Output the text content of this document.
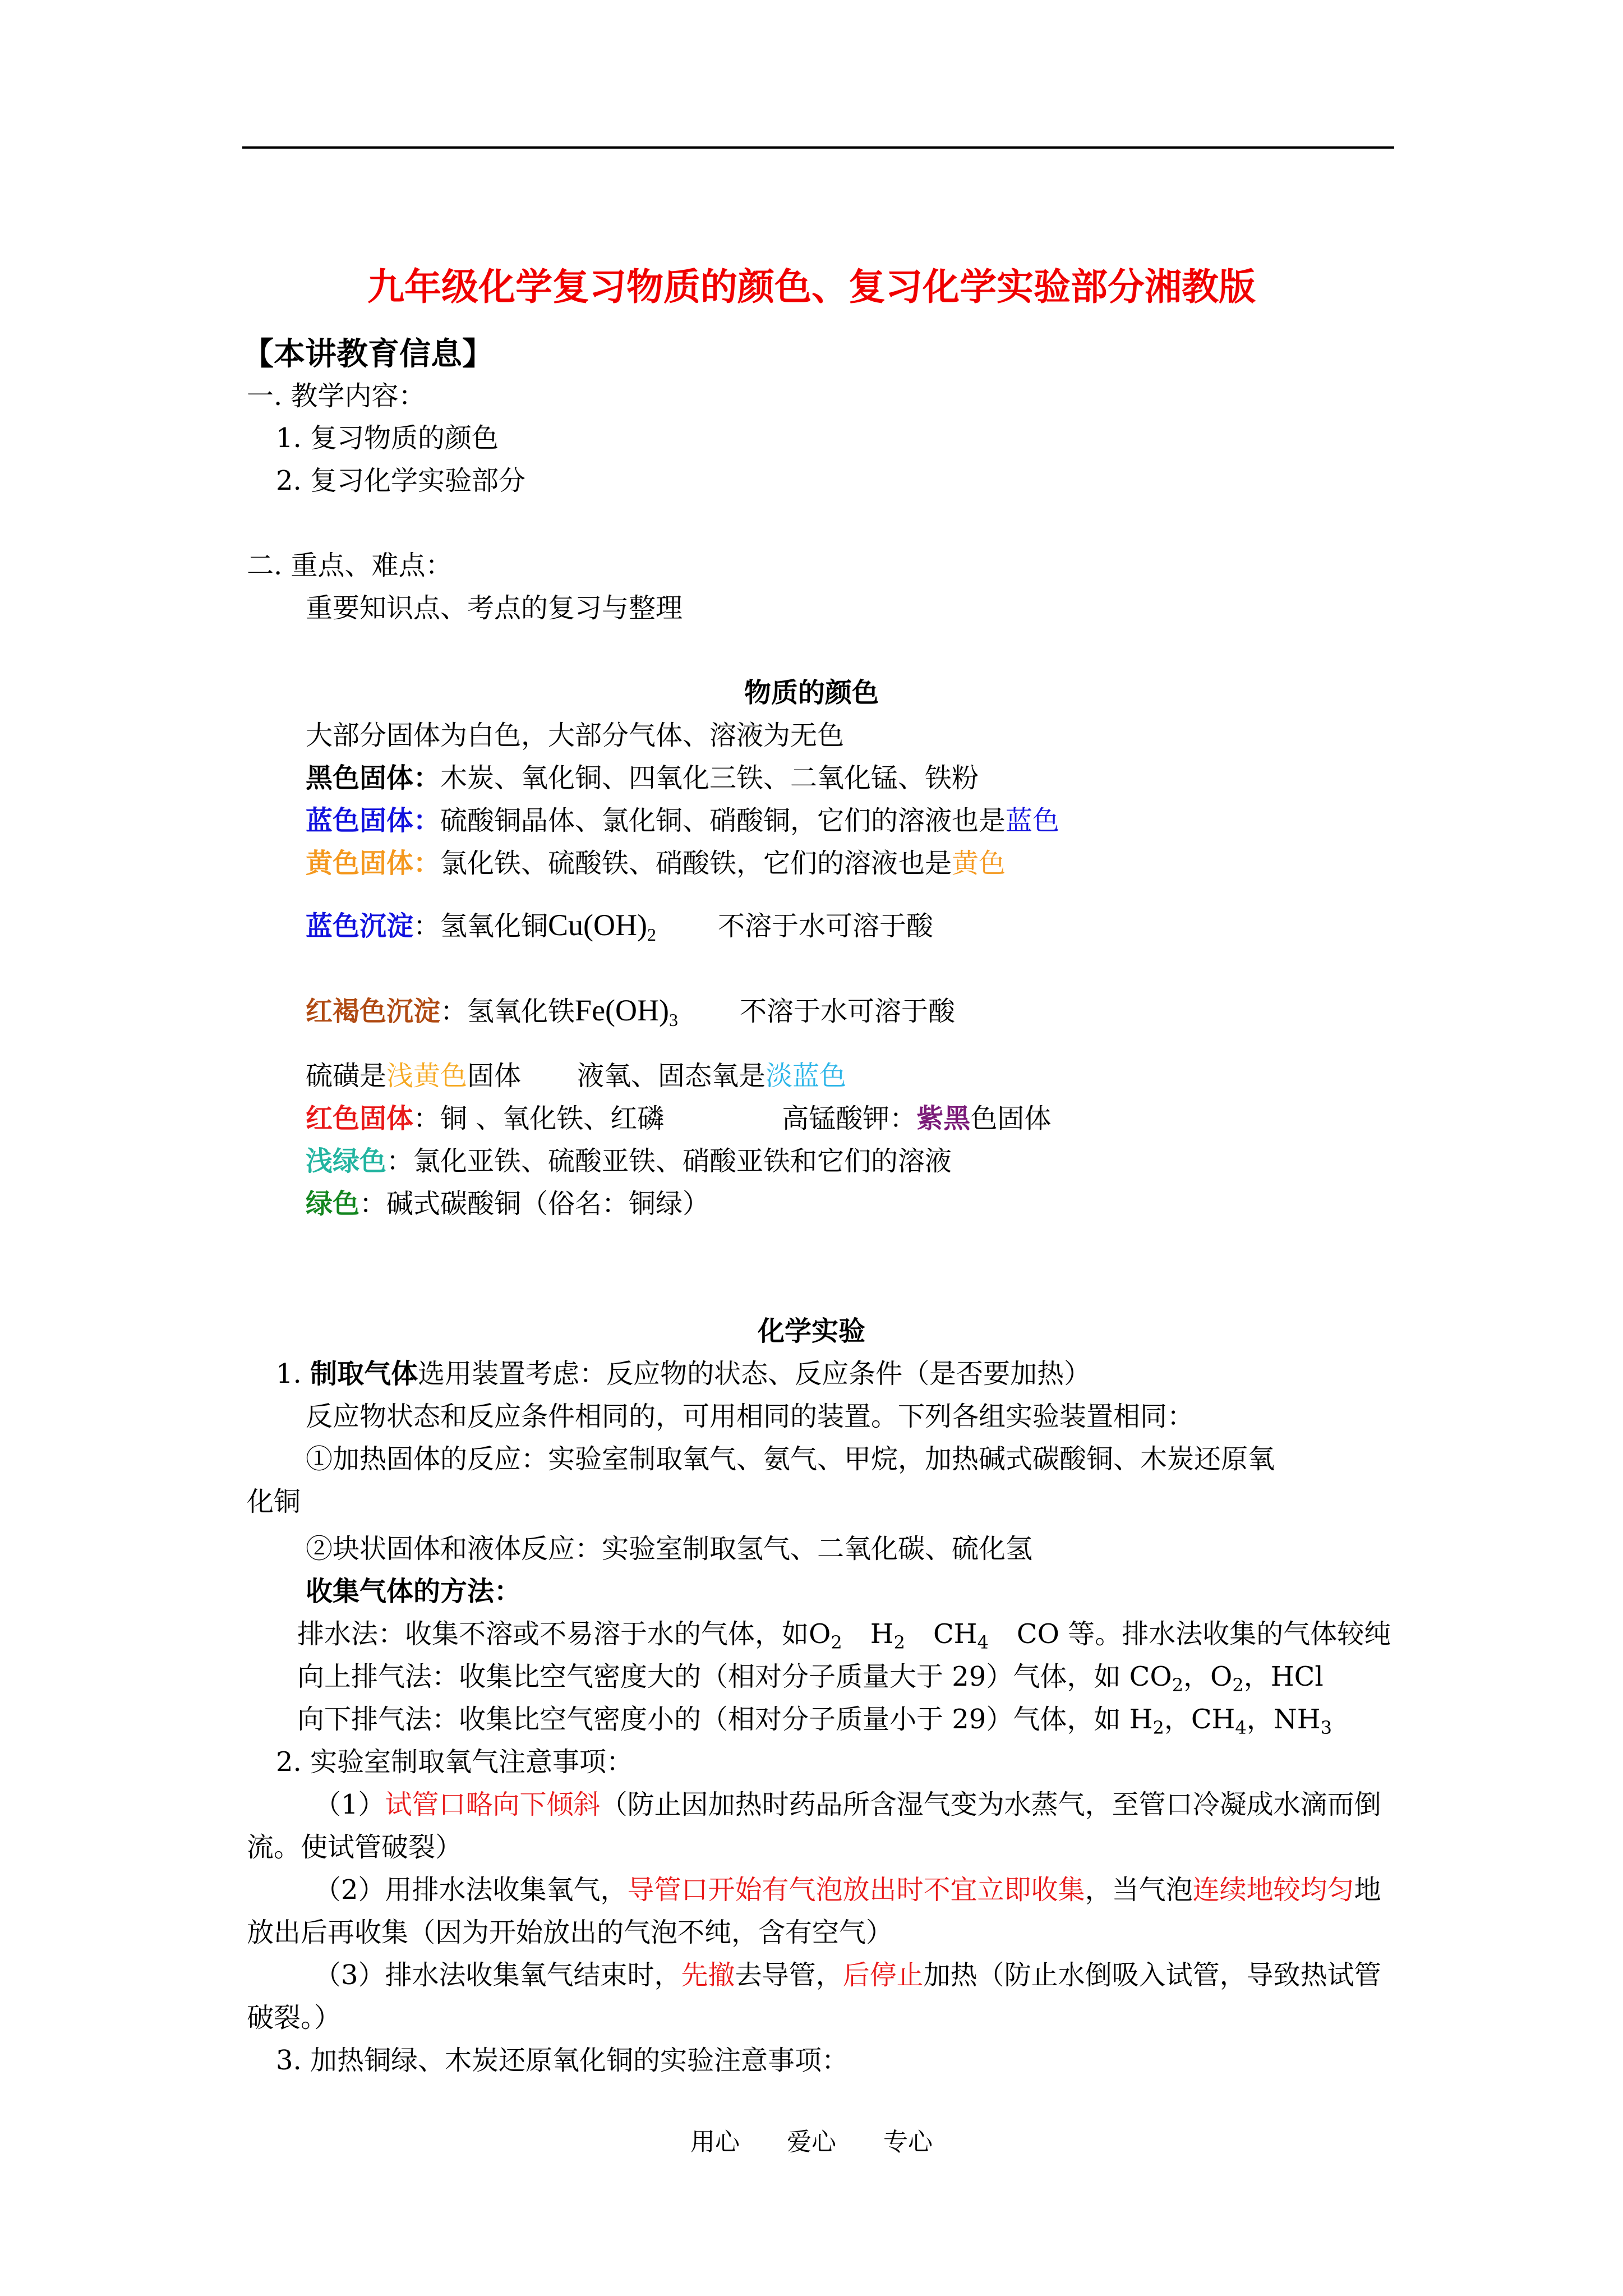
九年级化学复习物质的颜色、复习化学实验部分湘教版
【本讲教育信息】
一. 教学内容：
1. 复习物质的颜色
2. 复习化学实验部分
二. 重点、难点：
重要知识点、考点的复习与整理
物质的颜色
大部分固体为白色，大部分气体、溶液为无色
黑色固体：木炭、氧化铜、四氧化三铁、二氧化锰、铁粉
蓝色固体：硫酸铜晶体、氯化铜、硝酸铜，它们的溶液也是蓝色
黄色固体：氯化铁、硫酸铁、硝酸铁，它们的溶液也是黄色
蓝色沉淀：氢氧化铜$Cu(OH)_2$ 不溶于水可溶于酸
红褐色沉淀：氢氧化铁$Fe(OH)_3$ 不溶于水可溶于酸
硫磺是浅黄色固体 液氧、固态氧是淡蓝色
红色固体：铜 、氧化铁、红磷	高锰酸钾：紫黑色固体
浅绿色：氯化亚铁、硫酸亚铁、硝酸亚铁和它们的溶液
绿色：碱式碳酸铜（俗名：铜绿）
化学实验
1. 制取气体选用装置考虑：反应物的状态、反应条件（是否要加热）
反应物状态和反应条件相同的，可用相同的装置。下列各组实验装置相同：
①加热固体的反应：实验室制取氧气、氨气、甲烷，加热碱式碳酸铜、木炭还原氧
化铜
②块状固体和液体反应：实验室制取氢气、二氧化碳、硫化氢
收集气体的方法：
排水法：收集不溶或不易溶于水的气体，如$O_2$ $H_2$ $CH_4$ CO 等。排水法收集的气体较纯
向上排气法：收集比空气密度大的（相对分子质量大于 29）气体，如 $CO_2$，$O_2$，HCl
向下排气法：收集比空气密度小的（相对分子质量小于 29）气体，如 $H_2$，$CH_4$，$NH_3$
2. 实验室制取氧气注意事项：
（1）试管口略向下倾斜（防止因加热时药品所含湿气变为水蒸气，至管口冷凝成水滴而倒
流。使试管破裂）
（2）用排水法收集氧气，导管口开始有气泡放出时不宜立即收集，当气泡连续地较均匀地
放出后再收集（因为开始放出的气泡不纯，含有空气）
（3）排水法收集氧气结束时，先撤去导管，后停止加热（防止水倒吸入试管，导致热试管
破裂。）
3. 加热铜绿、木炭还原氧化铜的实验注意事项：
用心 爱心 专心
